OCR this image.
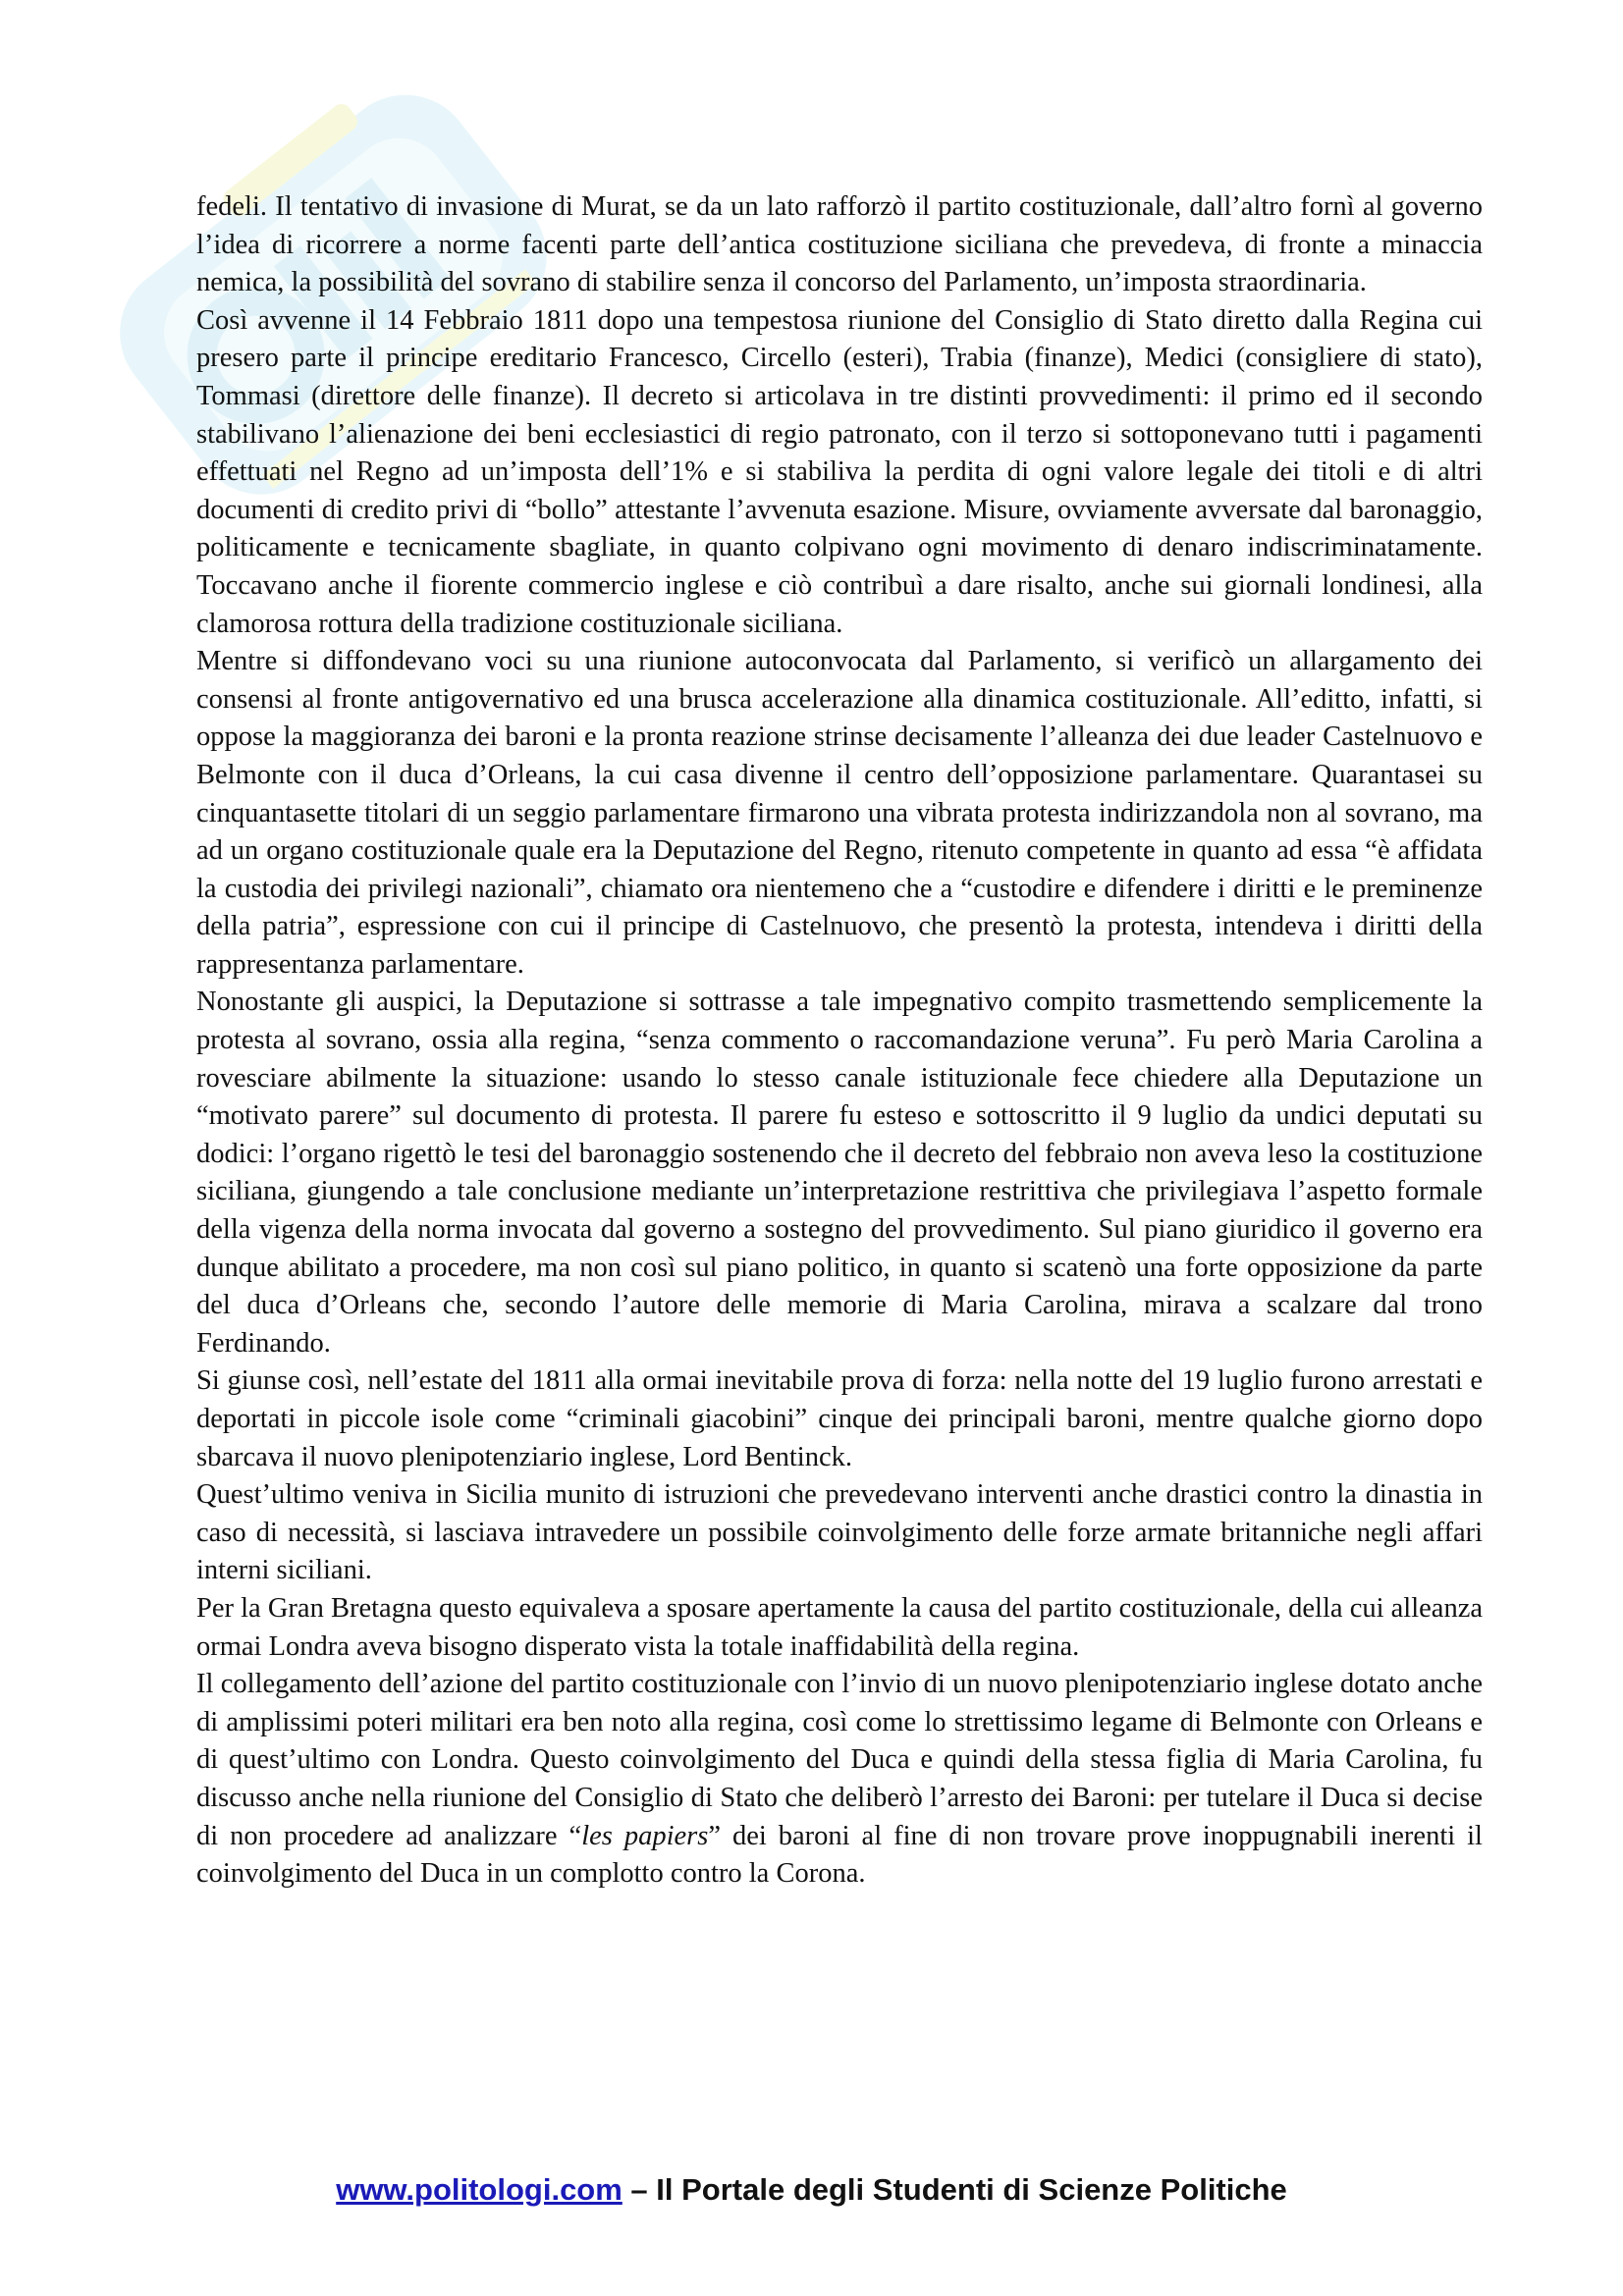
fedeli. Il tentativo di invasione di Murat, se da un lato rafforzò il partito costituzionale, dall’altro fornì al governo l’idea di ricorrere a norme facenti parte dell’antica costituzione siciliana che prevedeva, di fronte a minaccia nemica, la possibilità del sovrano di stabilire senza il concorso del Parlamento, un’imposta straordinaria.

Così avvenne il 14 Febbraio 1811 dopo una tempestosa riunione del Consiglio di Stato diretto dalla Regina cui presero parte il principe ereditario Francesco, Circello (esteri), Trabia (finanze), Medici (consigliere di stato), Tommasi (direttore delle finanze). Il decreto si articolava in tre distinti provvedimenti: il primo ed il secondo stabilivano l’alienazione dei beni ecclesiastici di regio patronato, con il terzo si sottoponevano tutti i pagamenti effettuati nel Regno ad un’imposta dell’1% e si stabiliva la perdita di ogni valore legale dei titoli e di altri documenti di credito privi di “bollo” attestante l’avvenuta esazione. Misure, ovviamente avversate dal baronaggio, politicamente e tecnicamente sbagliate, in quanto colpivano ogni movimento di denaro indiscriminatamente. Toccavano anche il fiorente commercio inglese e ciò contribuì a dare risalto, anche sui giornali londinesi, alla clamorosa rottura della tradizione costituzionale siciliana.

Mentre si diffondevano voci su una riunione autoconvocata dal Parlamento, si verificò un allargamento dei consensi al fronte antigovernativo ed una brusca accelerazione alla dinamica costituzionale. All’editto, infatti, si oppose la maggioranza dei baroni e la pronta reazione strinse decisamente l’alleanza dei due leader Castelnuovo e Belmonte con il duca d’Orleans, la cui casa divenne il centro dell’opposizione parlamentare. Quarantasei su cinquantasette titolari di un seggio parlamentare firmarono una vibrata protesta indirizzandola non al sovrano, ma ad un organo costituzionale quale era la Deputazione del Regno, ritenuto competente in quanto ad essa “è affidata la custodia dei privilegi nazionali”, chiamato ora nientemeno che a “custodire e difendere i diritti e le preminenze della patria”, espressione con cui il principe di Castelnuovo, che presentò la protesta, intendeva i diritti della rappresentanza parlamentare.

Nonostante gli auspici, la Deputazione si sottrasse a tale impegnativo compito trasmettendo semplicemente la protesta al sovrano, ossia alla regina, “senza commento o raccomandazione veruna”. Fu però Maria Carolina a rovesciare abilmente la situazione: usando lo stesso canale istituzionale fece chiedere alla Deputazione un “motivato parere” sul documento di protesta. Il parere fu esteso e sottoscritto il 9 luglio da undici deputati su dodici: l’organo rigettò le tesi del baronaggio sostenendo che il decreto del febbraio non aveva leso la costituzione siciliana, giungendo a tale conclusione mediante un’interpretazione restrittiva che privilegiava l’aspetto formale della vigenza della norma invocata dal governo a sostegno del provvedimento. Sul piano giuridico il governo era dunque abilitato a procedere, ma non così sul piano politico, in quanto si scatenò una forte opposizione da parte del duca d’Orleans che, secondo l’autore delle memorie di Maria Carolina, mirava a scalzare dal trono Ferdinando.

Si giunse così, nell’estate del 1811 alla ormai inevitabile prova di forza: nella notte del 19 luglio furono arrestati e deportati in piccole isole come “criminali giacobini” cinque dei principali baroni, mentre qualche giorno dopo sbarcava il nuovo plenipotenziario inglese, Lord Bentinck.

Quest’ultimo veniva in Sicilia munito di istruzioni che prevedevano interventi anche drastici contro la dinastia in caso di necessità, si lasciava intravedere un possibile coinvolgimento delle forze armate britanniche negli affari interni siciliani.

Per la Gran Bretagna questo equivaleva a sposare apertamente la causa del partito costituzionale, della cui alleanza ormai Londra aveva bisogno disperato vista la totale inaffidabilità della regina.

Il collegamento dell’azione del partito costituzionale con l’invio di un nuovo plenipotenziario inglese dotato anche di amplissimi poteri militari era ben noto alla regina, così come lo strettissimo legame di Belmonte con Orleans e di quest’ultimo con Londra. Questo coinvolgimento del Duca e quindi della stessa figlia di Maria Carolina, fu discusso anche nella riunione del Consiglio di Stato che deliberò l’arresto dei Baroni: per tutelare il Duca si decise di non procedere ad analizzare “les papiers” dei baroni al fine di non trovare prove inoppugnabili inerenti il coinvolgimento del Duca in un complotto contro la Corona.

www.politologi.com – Il Portale degli Studenti di Scienze Politiche
